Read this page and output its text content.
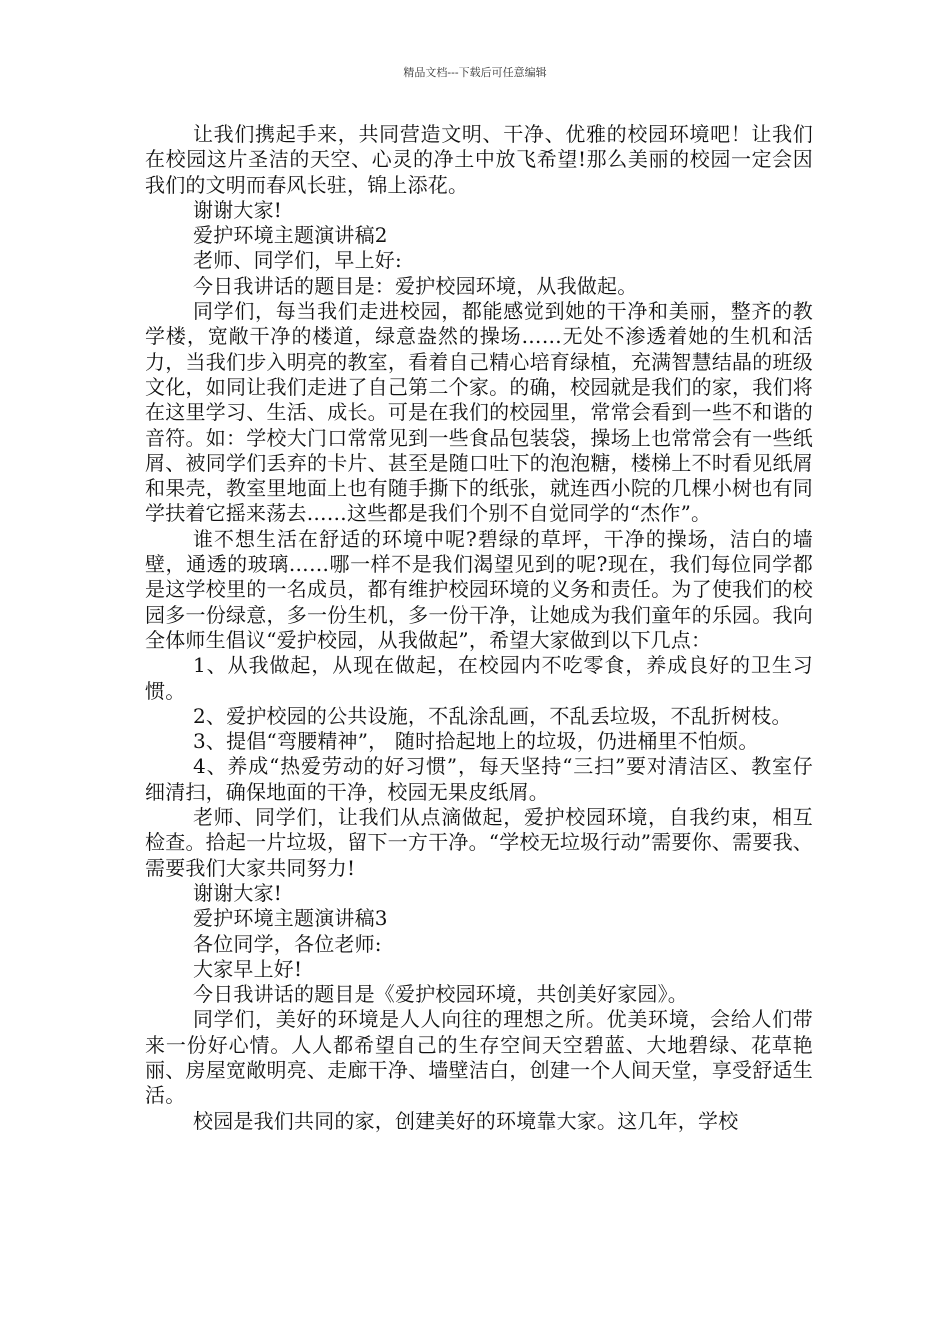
精品文档---下载后可任意编辑

让我们携起手来，共同营造文明、干净、优雅的校园环境吧！让我们在校园这片圣洁的天空、心灵的净土中放飞希望!那么美丽的校园一定会因我们的文明而春风长驻，锦上添花。

谢谢大家!

爱护环境主题演讲稿2

老师、同学们，早上好:

今日我讲话的题目是：爱护校园环境，从我做起。

同学们，每当我们走进校园，都能感觉到她的干净和美丽，整齐的教学楼，宽敞干净的楼道，绿意盎然的操场……无处不渗透着她的生机和活力，当我们步入明亮的教室，看着自己精心培育绿植，充满智慧结晶的班级文化，如同让我们走进了自己第二个家。的确，校园就是我们的家，我们将在这里学习、生活、成长。可是在我们的校园里，常常会看到一些不和谐的音符。如：学校大门口常常见到一些食品包装袋，操场上也常常会有一些纸屑、被同学们丢弃的卡片、甚至是随口吐下的泡泡糖，楼梯上不时看见纸屑和果壳，教室里地面上也有随手撕下的纸张，就连西小院的几棵小树也有同学扶着它摇来荡去……这些都是我们个别不自觉同学的“杰作”。

谁不想生活在舒适的环境中呢?碧绿的草坪，干净的操场，洁白的墙壁，通透的玻璃……哪一样不是我们渴望见到的呢?现在，我们每位同学都是这学校里的一名成员，都有维护校园环境的义务和责任。为了使我们的校园多一份绿意，多一份生机，多一份干净，让她成为我们童年的乐园。我向全体师生倡议“爱护校园，从我做起”，希望大家做到以下几点：

1、从我做起，从现在做起，在校园内不吃零食，养成良好的卫生习惯。

2、爱护校园的公共设施，不乱涂乱画，不乱丢垃圾，不乱折树枝。

3、提倡“弯腰精神”， 随时拾起地上的垃圾，仍进桶里不怕烦。

4、养成“热爱劳动的好习惯”，每天坚持“三扫”要对清洁区、教室仔细清扫，确保地面的干净，校园无果皮纸屑。

老师、同学们，让我们从点滴做起，爱护校园环境，自我约束，相互检查。拾起一片垃圾，留下一方干净。“学校无垃圾行动”需要你、需要我、需要我们大家共同努力!

谢谢大家!

爱护环境主题演讲稿3

各位同学，各位老师:

大家早上好!

今日我讲话的题目是《爱护校园环境，共创美好家园》。

同学们，美好的环境是人人向往的理想之所。优美环境，会给人们带来一份好心情。人人都希望自己的生存空间天空碧蓝、大地碧绿、花草艳丽、房屋宽敞明亮、走廊干净、墙壁洁白，创建一个人间天堂，享受舒适生活。

校园是我们共同的家，创建美好的环境靠大家。这几年，学校
